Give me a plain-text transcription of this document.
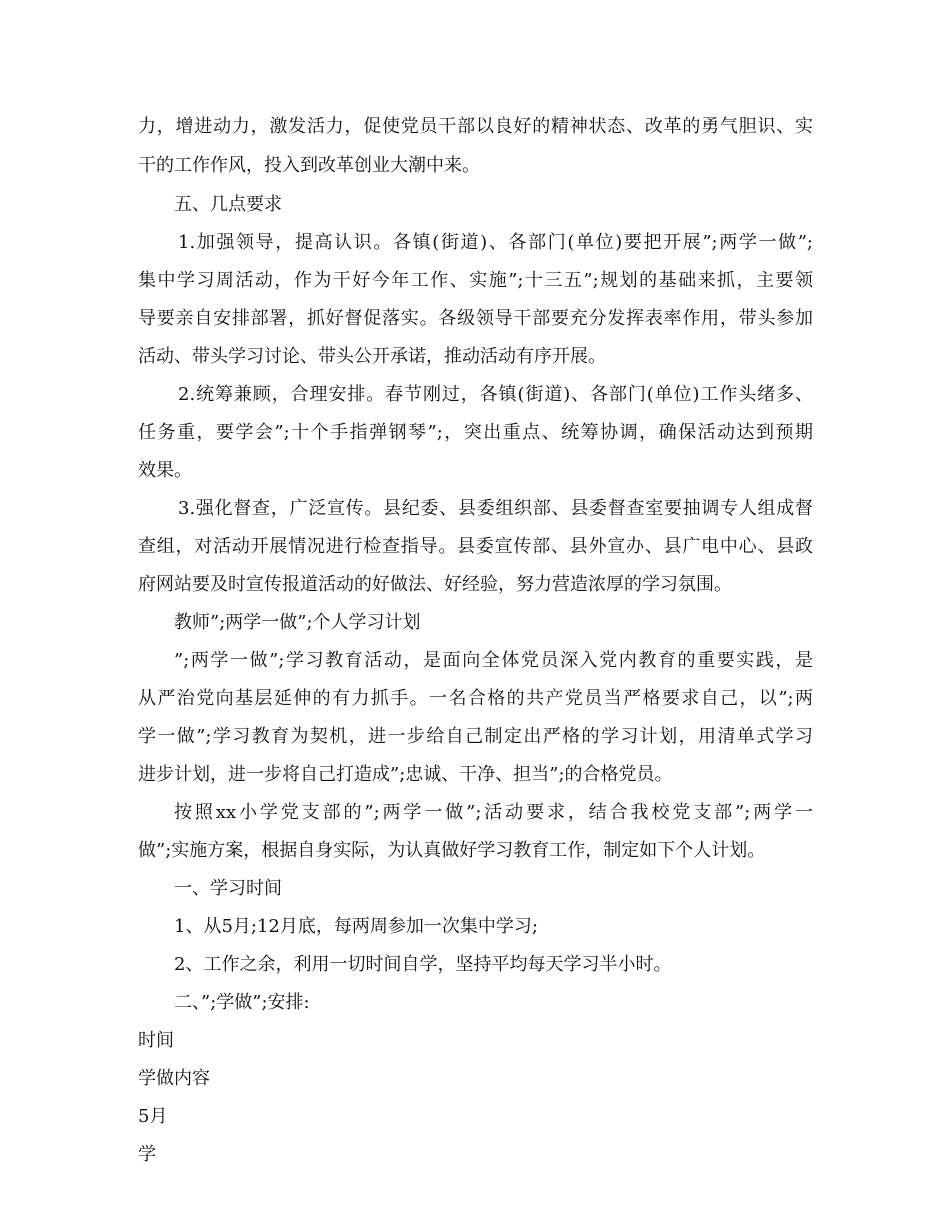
力，增进动力，激发活力，促使党员干部以良好的精神状态、改革的勇气胆识、实
干的工作作风，投入到改革创业大潮中来。
五、几点要求
1.加强领导，提高认识。各镇(街道)、各部门(单位)要把开展”;两学一做”;
集中学习周活动，作为干好今年工作、实施”;十三五”;规划的基础来抓，主要领
导要亲自安排部署，抓好督促落实。各级领导干部要充分发挥表率作用，带头参加
活动、带头学习讨论、带头公开承诺，推动活动有序开展。
2.统筹兼顾，合理安排。春节刚过，各镇(街道)、各部门(单位)工作头绪多、
任务重，要学会”;十个手指弹钢琴”;，突出重点、统筹协调，确保活动达到预期
效果。
3.强化督查，广泛宣传。县纪委、县委组织部、县委督查室要抽调专人组成督
查组，对活动开展情况进行检查指导。县委宣传部、县外宣办、县广电中心、县政
府网站要及时宣传报道活动的好做法、好经验，努力营造浓厚的学习氛围。
教师”;两学一做”;个人学习计划
”;两学一做”;学习教育活动，是面向全体党员深入党内教育的重要实践，是
从严治党向基层延伸的有力抓手。一名合格的共产党员当严格要求自己，以”;两
学一做”;学习教育为契机，进一步给自己制定出严格的学习计划，用清单式学习
进步计划，进一步将自己打造成”;忠诚、干净、担当”;的合格党员。
按照xx小学党支部的”;两学一做”;活动要求，结合我校党支部”;两学一
做”;实施方案，根据自身实际，为认真做好学习教育工作，制定如下个人计划。
一、学习时间
1、从5月;12月底，每两周参加一次集中学习;
2、工作之余，利用一切时间自学，坚持平均每天学习半小时。
二、”;学做”;安排:
时间
学做内容
5月
学
